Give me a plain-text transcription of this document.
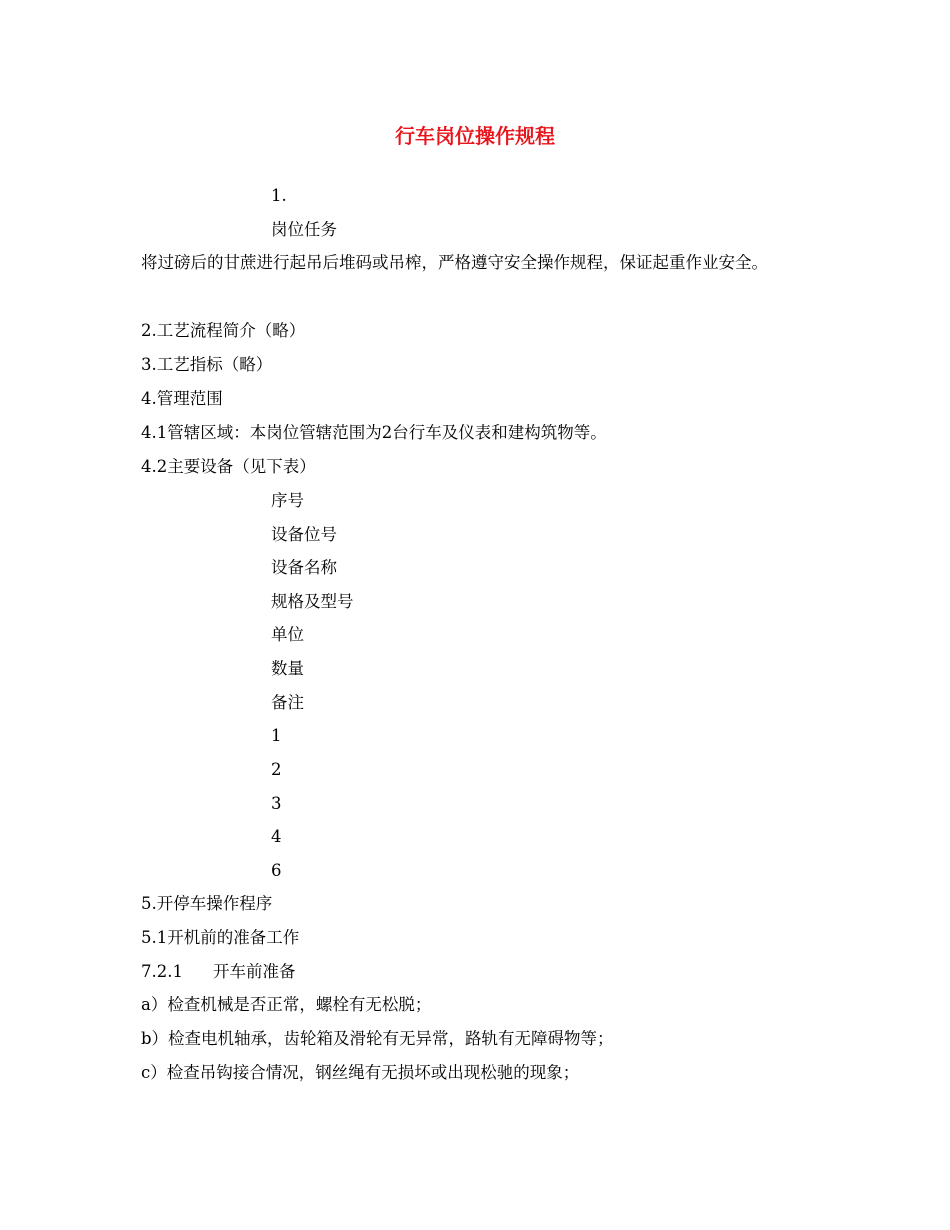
行车岗位操作规程
1.
岗位任务
将过磅后的甘蔗进行起吊后堆码或吊榨，严格遵守安全操作规程，保证起重作业安全。
2.工艺流程简介（略）
3.工艺指标（略）
4.管理范围
4.1管辖区域：本岗位管辖范围为2台行车及仪表和建构筑物等。
4.2主要设备（见下表）
序号
设备位号
设备名称
规格及型号
单位
数量
备注
1
2
3
4
6
5.开停车操作程序
5.1开机前的准备工作
7.2.1 开车前准备
a）检查机械是否正常，螺栓有无松脱；
b）检查电机轴承，齿轮箱及滑轮有无异常，路轨有无障碍物等；
c）检查吊钩接合情况，钢丝绳有无损坏或出现松驰的现象；
